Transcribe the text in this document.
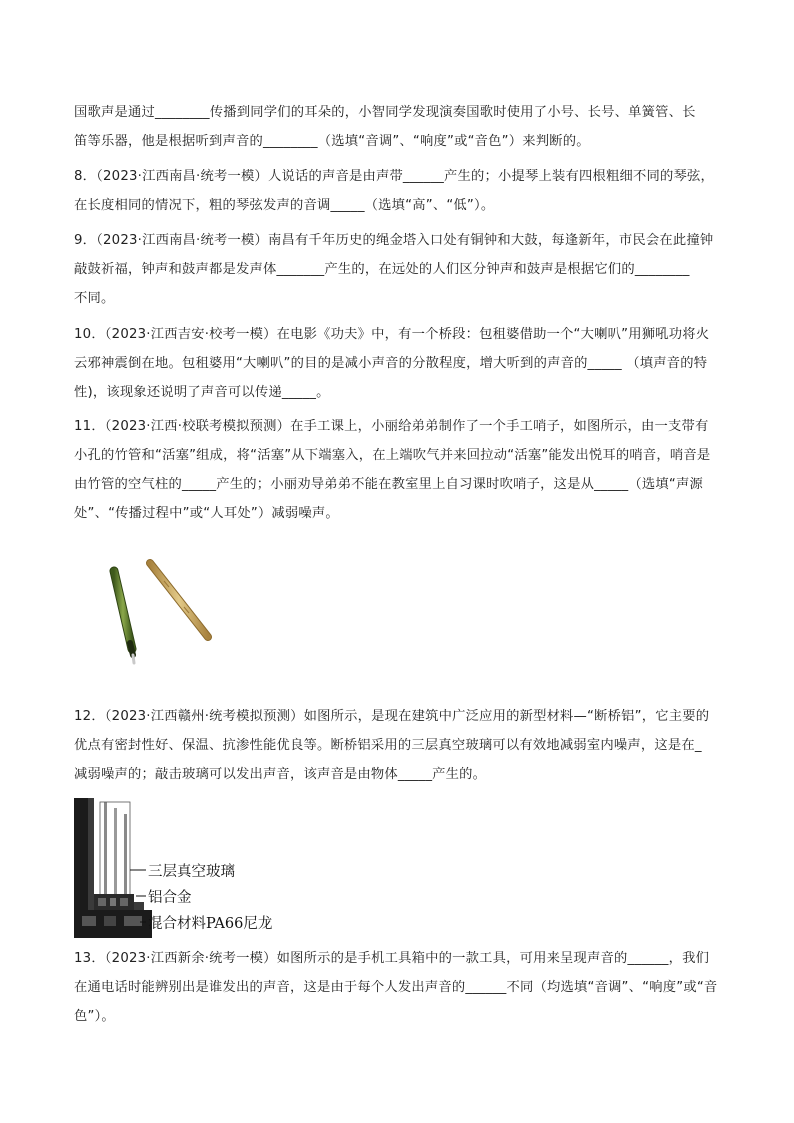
国歌声是通过________传播到同学们的耳朵的，小智同学发现演奏国歌时使用了小号、长号、单簧管、长
笛等乐器，他是根据听到声音的________（选填“音调”、“响度”或“音色”）来判断的。
8．（2023·江西南昌·统考一模）人说话的声音是由声带______产生的；小提琴上装有四根粗细不同的琴弦，
在长度相同的情况下，粗的琴弦发声的音调_____（选填“高”、“低”）。
9．（2023·江西南昌·统考一模）南昌有千年历史的绳金塔入口处有铜钟和大鼓，每逢新年，市民会在此撞钟
敲鼓祈福，钟声和鼓声都是发声体_______产生的，在远处的人们区分钟声和鼓声是根据它们的________
不同。
10．（2023·江西吉安·校考一模）在电影《功夫》中，有一个桥段：包租婆借助一个“大喇叭”用狮吼功将火
云邪神震倒在地。包租婆用“大喇叭”的目的是减小声音的分散程度，增大听到的声音的_____ （填声音的特
性)，该现象还说明了声音可以传递_____。
11．（2023·江西·校联考模拟预测）在手工课上，小丽给弟弟制作了一个手工哨子，如图所示，由一支带有
小孔的竹管和“活塞”组成，将“活塞”从下端塞入，在上端吹气并来回拉动“活塞”能发出悦耳的哨音，哨音是
由竹管的空气柱的_____产生的；小丽劝导弟弟不能在教室里上自习课时吹哨子，这是从_____（选填“声源
处”、“传播过程中”或“人耳处”）减弱噪声。
12．（2023·江西赣州·统考模拟预测）如图所示，是现在建筑中广泛应用的新型材料—“断桥铝”，它主要的
优点有密封性好、保温、抗渗性能优良等。断桥铝采用的三层真空玻璃可以有效地减弱室内噪声，这是在_
减弱噪声的；敲击玻璃可以发出声音，该声音是由物体_____产生的。
三层真空玻璃
铝合金
混合材料PA66尼龙
13．（2023·江西新余·统考一模）如图所示的是手机工具箱中的一款工具，可用来呈现声音的______，我们
在通电话时能辨别出是谁发出的声音，这是由于每个人发出声音的______不同（均选填“音调”、“响度”或“音
色”）。
